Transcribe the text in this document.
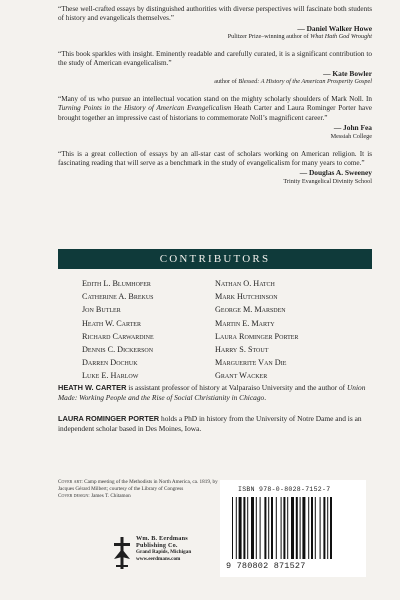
“These well-crafted essays by distinguished authorities with diverse perspectives will fascinate both students of history and evangelicals themselves.”
— Daniel Walker Howe
Pulitzer Prize–winning author of What Hath God Wrought
“This book sparkles with insight. Eminently readable and carefully curated, it is a significant contribution to the study of American evangelicalism.”
— Kate Bowler
author of Blessed: A History of the American Prosperity Gospel
“Many of us who pursue an intellectual vocation stand on the mighty scholarly shoulders of Mark Noll. In Turning Points in the History of American Evangelicalism Heath Carter and Laura Rominger Porter have brought together an impressive cast of historians to commemorate Noll’s magnificent career.”
— John Fea
Messiah College
“This is a great collection of essays by an all-star cast of scholars working on American religion. It is fascinating reading that will serve as a benchmark in the study of evangelicalism for many years to come.”
— Douglas A. Sweeney
Trinity Evangelical Divinity School
CONTRIBUTORS
Edith L. Blumhofer
Catherine A. Brekus
Jon Butler
Heath W. Carter
Richard Carwardine
Dennis C. Dickerson
Darren Dochuk
Luke E. Harlow
Nathan O. Hatch
Mark Hutchinson
George M. Marsden
Martin E. Marty
Laura Rominger Porter
Harry S. Stout
Marguerite Van Die
Grant Wacker
HEATH W. CARTER is assistant professor of history at Valparaiso University and the author of Union Made: Working People and the Rise of Social Christianity in Chicago.
LAURA ROMINGER PORTER holds a PhD in history from the University of Notre Dame and is an independent scholar based in Des Moines, Iowa.
Cover art: Camp meeting of the Methodists in North America, ca. 1819, by Jacques Gérard Milbert; courtesy of the Library of Congress
Cover design: James T. Chitamon
Wm. B. Eerdmans
Publishing Co.
Grand Rapids, Michigan
www.eerdmans.com
ISBN 978-0-8028-7152-7
9 780802 871527
